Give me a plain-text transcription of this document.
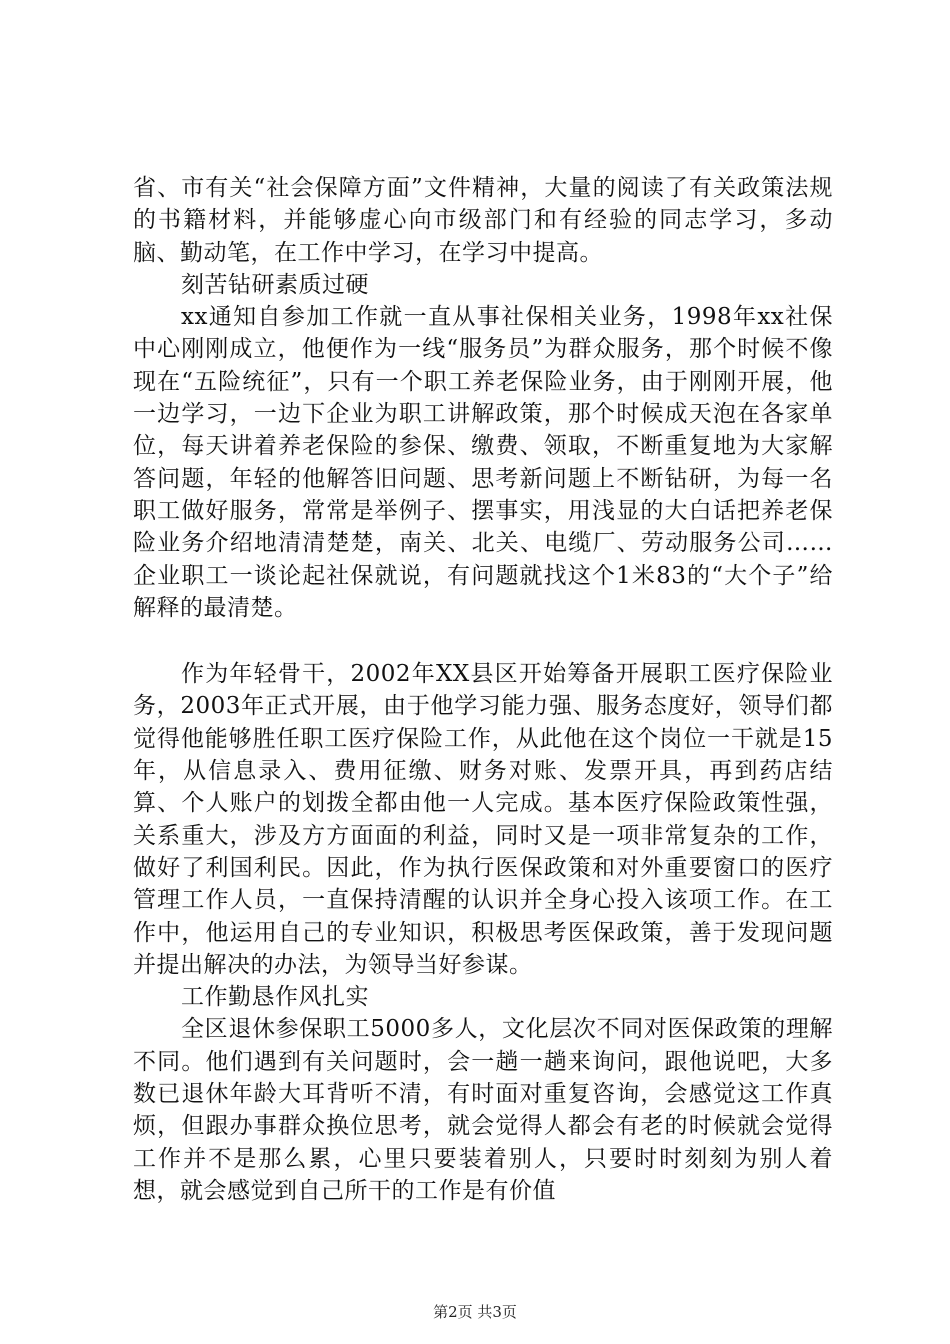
省、市有关“社会保障方面”文件精神，大量的阅读了有关政策法规的书籍材料，并能够虚心向市级部门和有经验的同志学习，多动脑、勤动笔，在工作中学习，在学习中提高。

刻苦钻研素质过硬

xx通知自参加工作就一直从事社保相关业务，1998年xx社保中心刚刚成立，他便作为一线“服务员”为群众服务，那个时候不像现在“五险统征”，只有一个职工养老保险业务，由于刚刚开展，他一边学习，一边下企业为职工讲解政策，那个时候成天泡在各家单位，每天讲着养老保险的参保、缴费、领取，不断重复地为大家解答问题，年轻的他解答旧问题、思考新问题上不断钻研，为每一名职工做好服务，常常是举例子、摆事实，用浅显的大白话把养老保险业务介绍地清清楚楚，南关、北关、电缆厂、劳动服务公司……企业职工一谈论起社保就说，有问题就找这个1米83的“大个子”给解释的最清楚。

作为年轻骨干，2002年XX县区开始筹备开展职工医疗保险业务，2003年正式开展，由于他学习能力强、服务态度好，领导们都觉得他能够胜任职工医疗保险工作，从此他在这个岗位一干就是15年，从信息录入、费用征缴、财务对账、发票开具，再到药店结算、个人账户的划拨全都由他一人完成。基本医疗保险政策性强，关系重大，涉及方方面面的利益，同时又是一项非常复杂的工作，做好了利国利民。因此，作为执行医保政策和对外重要窗口的医疗管理工作人员，一直保持清醒的认识并全身心投入该项工作。在工作中，他运用自己的专业知识，积极思考医保政策，善于发现问题并提出解决的办法，为领导当好参谋。

工作勤恳作风扎实

全区退休参保职工5000多人，文化层次不同对医保政策的理解不同。他们遇到有关问题时，会一趟一趟来询问，跟他说吧，大多数已退休年龄大耳背听不清，有时面对重复咨询，会感觉这工作真烦，但跟办事群众换位思考，就会觉得人都会有老的时候就会觉得工作并不是那么累，心里只要装着别人，只要时时刻刻为别人着想，就会感觉到自己所干的工作是有价值

第2页 共3页
